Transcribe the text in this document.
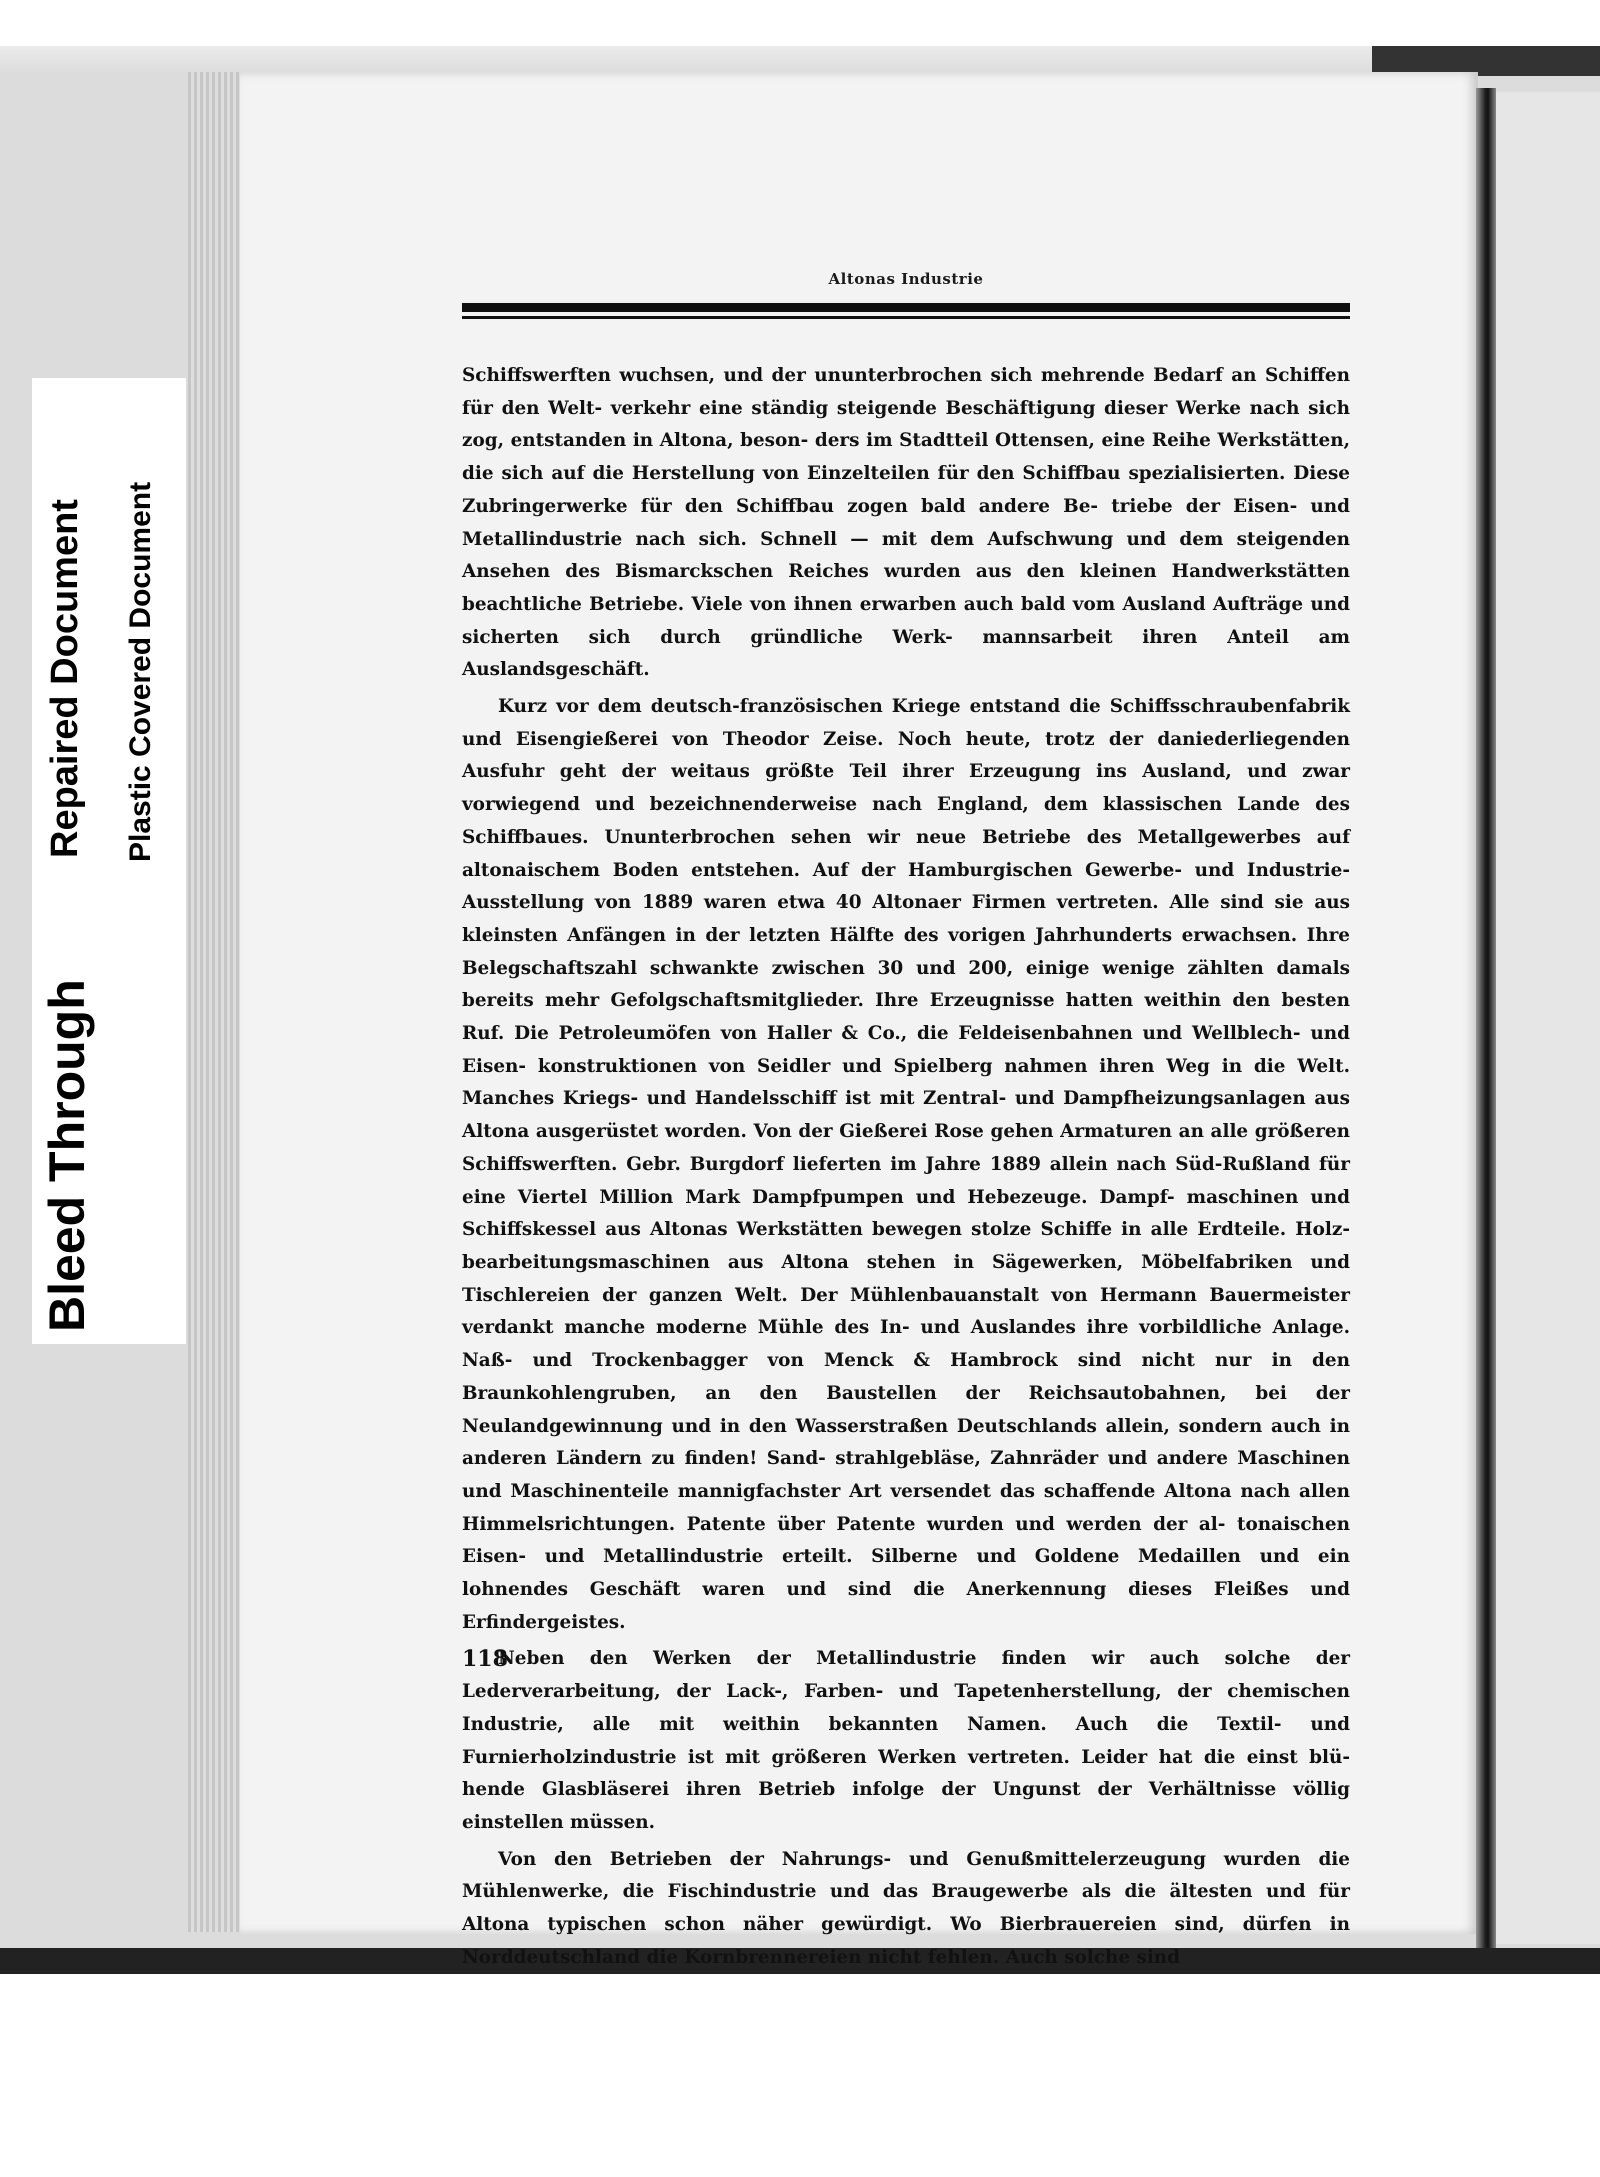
Altonas Industrie

Schiffswerften wuchsen, und der ununterbrochen sich mehrende Bedarf an Schiffen für den Welt- verkehr eine ständig steigende Beschäftigung dieser Werke nach sich zog, entstanden in Altona, beson- ders im Stadtteil Ottensen, eine Reihe Werkstätten, die sich auf die Herstellung von Einzelteilen für den Schiffbau spezialisierten. Diese Zubringerwerke für den Schiffbau zogen bald andere Be- triebe der Eisen- und Metallindustrie nach sich. Schnell — mit dem Aufschwung und dem steigenden Ansehen des Bismarckschen Reiches wurden aus den kleinen Handwerkstätten beachtliche Betriebe. Viele von ihnen erwarben auch bald vom Ausland Aufträge und sicherten sich durch gründliche Werk- mannsarbeit ihren Anteil am Auslandsgeschäft.

Kurz vor dem deutsch-französischen Kriege entstand die Schiffsschraubenfabrik und Eisengießerei von Theodor Zeise. Noch heute, trotz der daniederliegenden Ausfuhr geht der weitaus größte Teil ihrer Erzeugung ins Ausland, und zwar vorwiegend und bezeichnenderweise nach England, dem klassischen Lande des Schiffbaues. Ununterbrochen sehen wir neue Betriebe des Metallgewerbes auf altonaischem Boden entstehen. Auf der Hamburgischen Gewerbe- und Industrie-Ausstellung von 1889 waren etwa 40 Altonaer Firmen vertreten. Alle sind sie aus kleinsten Anfängen in der letzten Hälfte des vorigen Jahrhunderts erwachsen. Ihre Belegschaftszahl schwankte zwischen 30 und 200, einige wenige zählten damals bereits mehr Gefolgschaftsmitglieder. Ihre Erzeugnisse hatten weithin den besten Ruf. Die Petroleumöfen von Haller & Co., die Feldeisenbahnen und Wellblech- und Eisen- konstruktionen von Seidler und Spielberg nahmen ihren Weg in die Welt. Manches Kriegs- und Handelsschiff ist mit Zentral- und Dampfheizungsanlagen aus Altona ausgerüstet worden. Von der Gießerei Rose gehen Armaturen an alle größeren Schiffswerften. Gebr. Burgdorf lieferten im Jahre 1889 allein nach Süd-Rußland für eine Viertel Million Mark Dampfpumpen und Hebezeuge. Dampf- maschinen und Schiffskessel aus Altonas Werkstätten bewegen stolze Schiffe in alle Erdteile. Holz- bearbeitungsmaschinen aus Altona stehen in Sägewerken, Möbelfabriken und Tischlereien der ganzen Welt. Der Mühlenbauanstalt von Hermann Bauermeister verdankt manche moderne Mühle des In- und Auslandes ihre vorbildliche Anlage. Naß- und Trockenbagger von Menck & Hambrock sind nicht nur in den Braunkohlengruben, an den Baustellen der Reichsautobahnen, bei der Neulandgewinnung und in den Wasserstraßen Deutschlands allein, sondern auch in anderen Ländern zu finden! Sand- strahlgebläse, Zahnräder und andere Maschinen und Maschinenteile mannigfachster Art versendet das schaffende Altona nach allen Himmelsrichtungen. Patente über Patente wurden und werden der al- tonaischen Eisen- und Metallindustrie erteilt. Silberne und Goldene Medaillen und ein lohnendes Geschäft waren und sind die Anerkennung dieses Fleißes und Erfindergeistes.

Neben den Werken der Metallindustrie finden wir auch solche der Lederverarbeitung, der Lack-, Farben- und Tapetenherstellung, der chemischen Industrie, alle mit weithin bekannten Namen. Auch die Textil- und Furnierholzindustrie ist mit größeren Werken vertreten. Leider hat die einst blü- hende Glasbläserei ihren Betrieb infolge der Ungunst der Verhältnisse völlig einstellen müssen.

Von den Betrieben der Nahrungs- und Genußmittelerzeugung wurden die Mühlenwerke, die Fischindustrie und das Braugewerbe als die ältesten und für Altona typischen schon näher gewürdigt. Wo Bierbrauereien sind, dürfen in Norddeutschland die Kornbrennereien nicht fehlen. Auch solche sind

118
Bleed Through
Repaired Document Plastic Covered Document
